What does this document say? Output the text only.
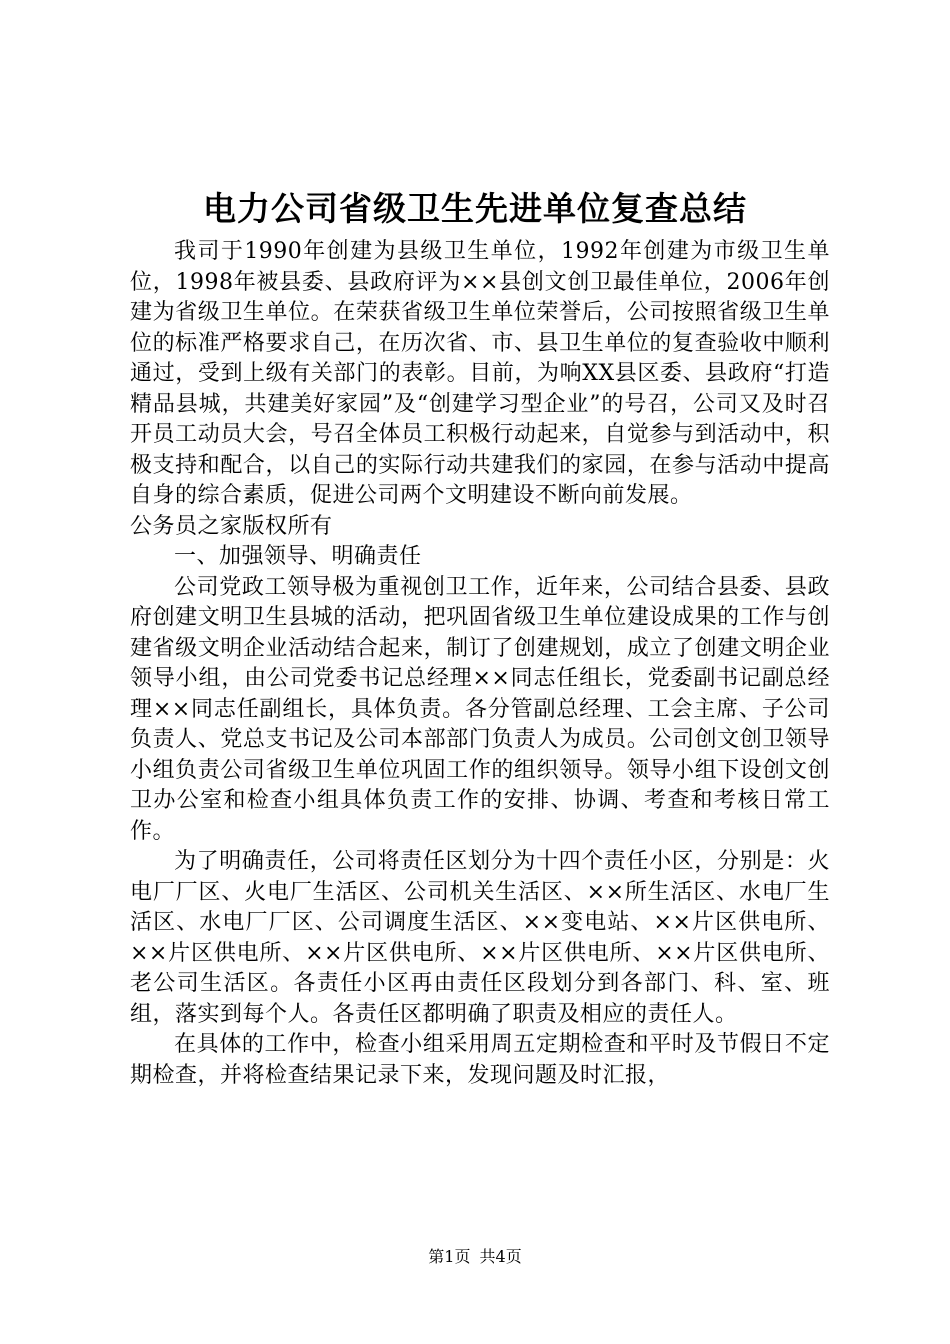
电力公司省级卫生先进单位复查总结

我司于1990年创建为县级卫生单位，1992年创建为市级卫生单位，1998年被县委、县政府评为××县创文创卫最佳单位，2006年创建为省级卫生单位。在荣获省级卫生单位荣誉后，公司按照省级卫生单位的标准严格要求自己，在历次省、市、县卫生单位的复查验收中顺利通过，受到上级有关部门的表彰。目前，为响XX县区委、县政府“打造精品县城，共建美好家园”及“创建学习型企业”的号召，公司又及时召开员工动员大会，号召全体员工积极行动起来，自觉参与到活动中，积极支持和配合，以自己的实际行动共建我们的家园，在参与活动中提高自身的综合素质，促进公司两个文明建设不断向前发展。

公务员之家版权所有

一、加强领导、明确责任

公司党政工领导极为重视创卫工作，近年来，公司结合县委、县政府创建文明卫生县城的活动，把巩固省级卫生单位建设成果的工作与创建省级文明企业活动结合起来，制订了创建规划，成立了创建文明企业领导小组，由公司党委书记总经理××同志任组长，党委副书记副总经理××同志任副组长，具体负责。各分管副总经理、工会主席、子公司负责人、党总支书记及公司本部部门负责人为成员。公司创文创卫领导小组负责公司省级卫生单位巩固工作的组织领导。领导小组下设创文创卫办公室和检查小组具体负责工作的安排、协调、考查和考核日常工作。

为了明确责任，公司将责任区划分为十四个责任小区，分别是：火电厂厂区、火电厂生活区、公司机关生活区、××所生活区、水电厂生活区、水电厂厂区、公司调度生活区、××变电站、××片区供电所、××片区供电所、××片区供电所、××片区供电所、××片区供电所、老公司生活区。各责任小区再由责任区段划分到各部门、科、室、班组，落实到每个人。各责任区都明确了职责及相应的责任人。

在具体的工作中，检查小组采用周五定期检查和平时及节假日不定期检查，并将检查结果记录下来，发现问题及时汇报，

第1页 共4页
